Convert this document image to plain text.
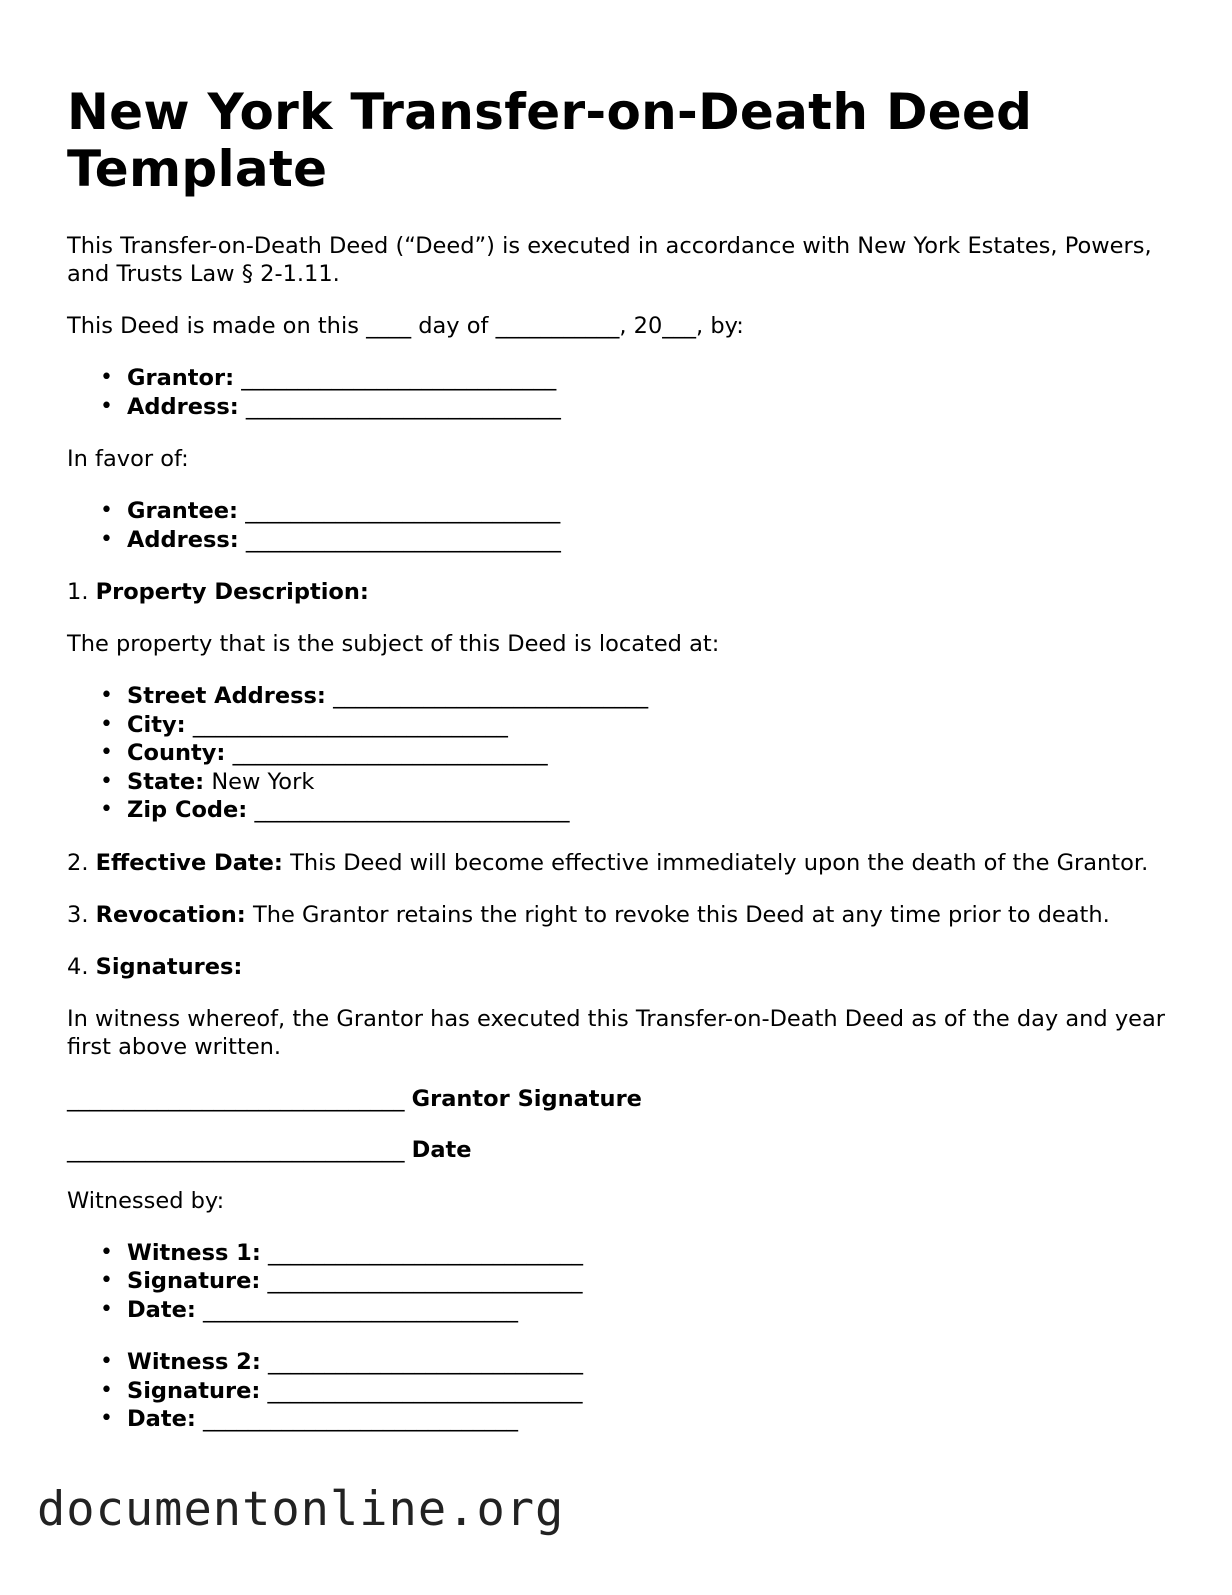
New York Transfer-on-Death Deed Template

This Transfer-on-Death Deed (“Deed”) is executed in accordance with New York Estates, Powers, and Trusts Law § 2-1.11.

This Deed is made on this ____ day of ___________, 20___, by:

• Grantor: ____________________________
• Address: ____________________________

In favor of:

• Grantee: ____________________________
• Address: ____________________________

1. Property Description:

The property that is the subject of this Deed is located at:

• Street Address: ____________________________
• City: ____________________________
• County: ____________________________
• State: New York
• Zip Code: ____________________________

2. Effective Date: This Deed will become effective immediately upon the death of the Grantor.

3. Revocation: The Grantor retains the right to revoke this Deed at any time prior to death.

4. Signatures:

In witness whereof, the Grantor has executed this Transfer-on-Death Deed as of the day and year first above written.

______________________________ Grantor Signature
______________________________ Date

Witnessed by:

• Witness 1: ____________________________
• Signature: ____________________________
• Date: ____________________________
• Witness 2: ____________________________
• Signature: ____________________________
• Date: ____________________________
documentonline.org
